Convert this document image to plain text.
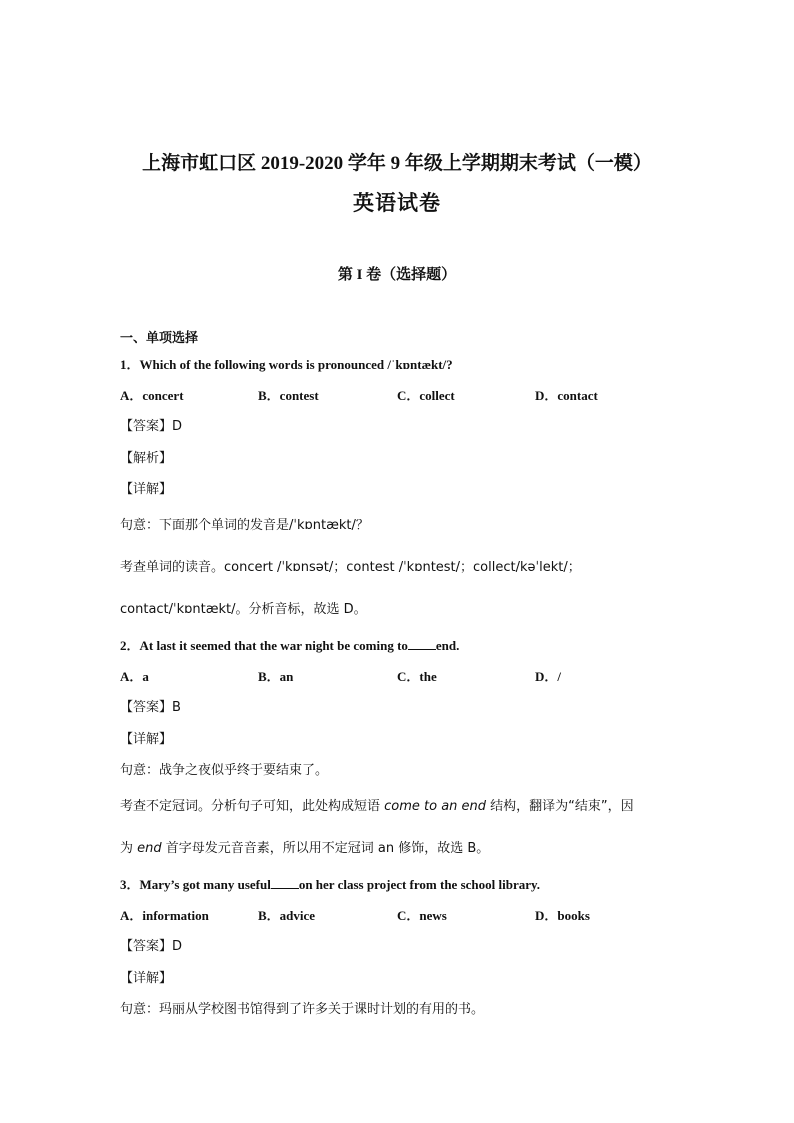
上海市虹口区 2019-2020 学年 9 年级上学期期末考试（一模）
英语试卷
第 I 卷（选择题）
一、单项选择
1．Which of the following words is pronounced /ˈkɒntækt/?
A．concert	B．contest	C．collect	D．contact
【答案】D
【解析】
【详解】
句意：下面那个单词的发音是/ˈkɒntækt/？
考查单词的读音。concert /ˈkɒnsət/；contest /ˈkɒntest/；collect/kəˈlekt/；
contact/ˈkɒntækt/。分析音标，故选 D。
2．At last it seemed that the war night be coming to end.
A．a	B．an	C．the	D．/
【答案】B
【详解】
句意：战争之夜似乎终于要结束了。
考查不定冠词。分析句子可知，此处构成短语 come to an end 结构，翻译为“结束”，因
为 end 首字母发元音音素，所以用不定冠词 an 修饰，故选 B。
3．Mary’s got many useful on her class project from the school library.
A．information	B．advice	C．news	D．books
【答案】D
【详解】
句意：玛丽从学校图书馆得到了许多关于课时计划的有用的书。
